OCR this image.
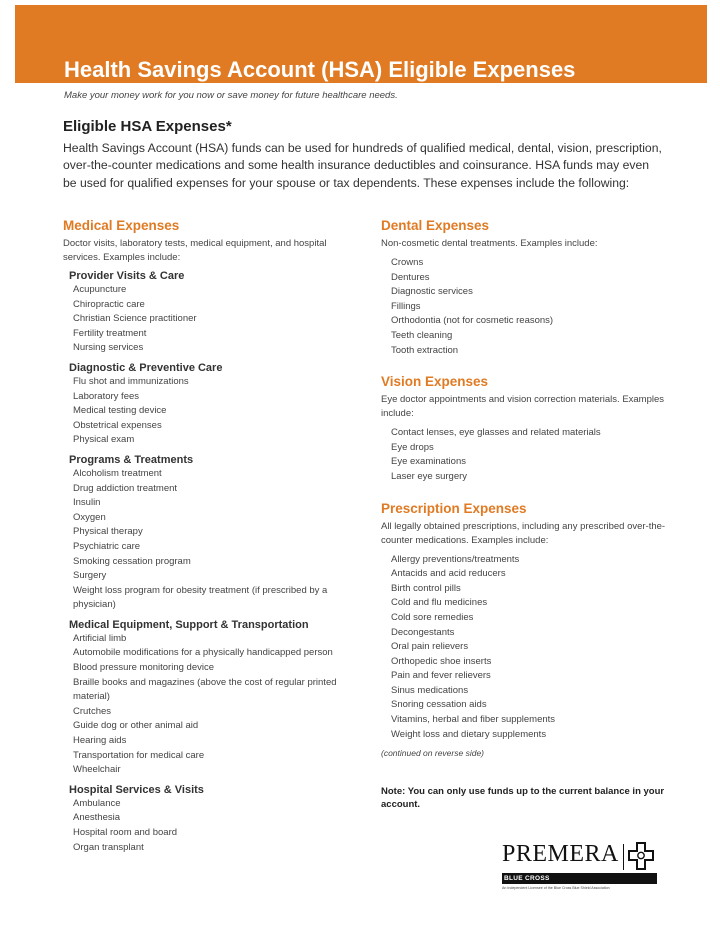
Health Savings Account (HSA) Eligible Expenses
Make your money work for you now or save money for future healthcare needs.
Eligible HSA Expenses*
Health Savings Account (HSA) funds can be used for hundreds of qualified medical, dental, vision, prescription, over-the-counter medications and some health insurance deductibles and coinsurance. HSA funds may even be used for qualified expenses for your spouse or tax dependents. These expenses include the following:
Medical Expenses
Doctor visits, laboratory tests, medical equipment, and hospital services. Examples include:
Provider Visits & Care
Acupuncture
Chiropractic care
Christian Science practitioner
Fertility treatment
Nursing services
Diagnostic & Preventive Care
Flu shot and immunizations
Laboratory fees
Medical testing device
Obstetrical expenses
Physical exam
Programs & Treatments
Alcoholism treatment
Drug addiction treatment
Insulin
Oxygen
Physical therapy
Psychiatric care
Smoking cessation program
Surgery
Weight loss program for obesity treatment (if prescribed by a physician)
Medical Equipment, Support & Transportation
Artificial limb
Automobile modifications for a physically handicapped person
Blood pressure monitoring device
Braille books and magazines (above the cost of regular printed material)
Crutches
Guide dog or other animal aid
Hearing aids
Transportation for medical care
Wheelchair
Hospital Services & Visits
Ambulance
Anesthesia
Hospital room and board
Organ transplant
Dental Expenses
Non-cosmetic dental treatments. Examples include:
Crowns
Dentures
Diagnostic services
Fillings
Orthodontia (not for cosmetic reasons)
Teeth cleaning
Tooth extraction
Vision Expenses
Eye doctor appointments and vision correction materials. Examples include:
Contact lenses, eye glasses and related materials
Eye drops
Eye examinations
Laser eye surgery
Prescription Expenses
All legally obtained prescriptions, including any prescribed over-the-counter medications. Examples include:
Allergy preventions/treatments
Antacids and acid reducers
Birth control pills
Cold and flu medicines
Cold sore remedies
Decongestants
Oral pain relievers
Orthopedic shoe inserts
Pain and fever relievers
Sinus medications
Snoring cessation aids
Vitamins, herbal and fiber supplements
Weight loss and dietary supplements
(continued on reverse side)
Note: You can only use funds up to the current balance in your account.
PREMERA
BLUE CROSS
An Independent Licensee of the Blue Cross Blue Shield Association
